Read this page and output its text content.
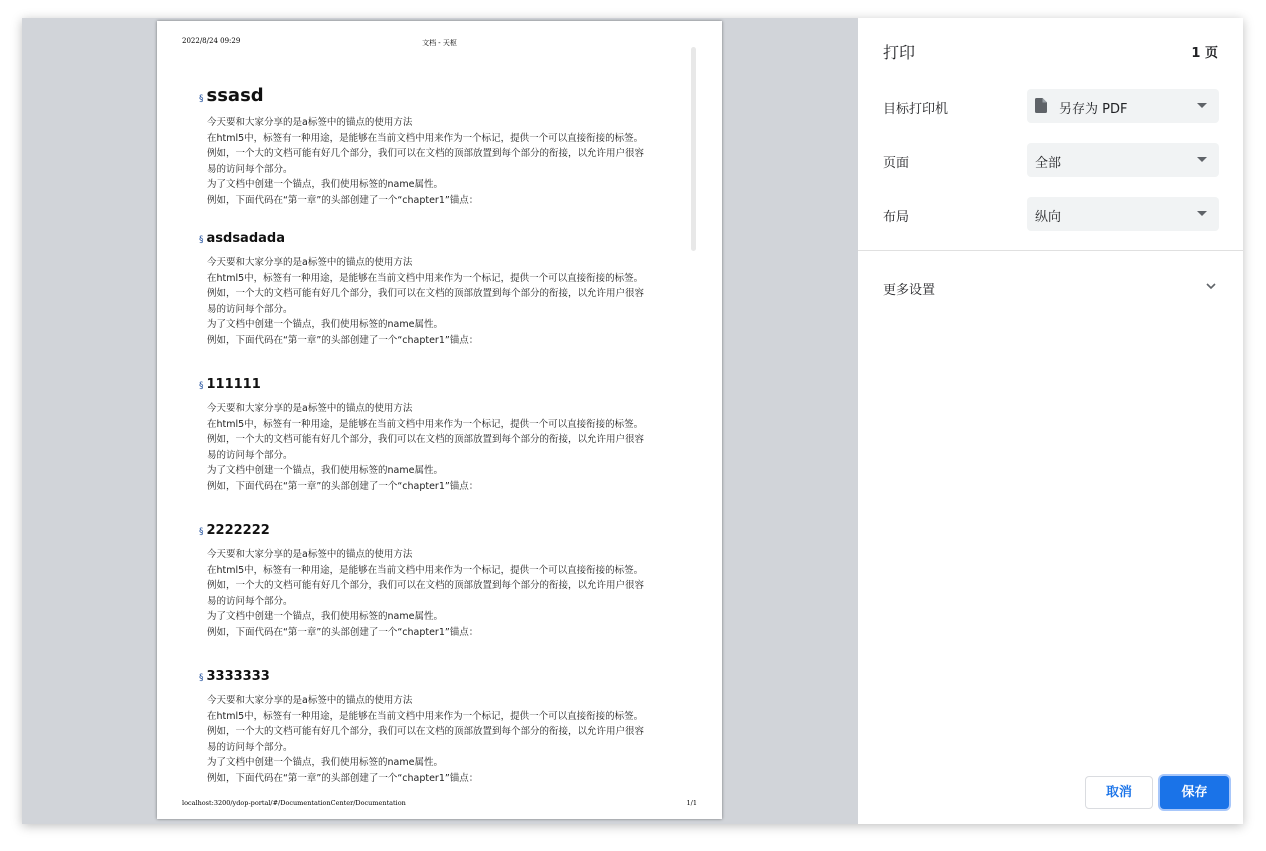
2022/8/24 09:29	文档 - 天枢
§ ssasd
今天要和大家分享的是a标签中的锚点的使用方法
在html5中，标签有一种用途，是能够在当前文档中用来作为一个标记，提供一个可以直接衔接的标签。
例如，一个大的文档可能有好几个部分，我们可以在文档的顶部放置到每个部分的衔接，以允许用户很容
易的访问每个部分。
为了文档中创建一个锚点，我们使用标签的name属性。
例如，下面代码在“第一章”的头部创建了一个“chapter1”锚点：
§ asdsadada
今天要和大家分享的是a标签中的锚点的使用方法
在html5中，标签有一种用途，是能够在当前文档中用来作为一个标记，提供一个可以直接衔接的标签。
例如，一个大的文档可能有好几个部分，我们可以在文档的顶部放置到每个部分的衔接，以允许用户很容
易的访问每个部分。
为了文档中创建一个锚点，我们使用标签的name属性。
例如，下面代码在“第一章”的头部创建了一个“chapter1”锚点：
§ 111111
今天要和大家分享的是a标签中的锚点的使用方法
在html5中，标签有一种用途，是能够在当前文档中用来作为一个标记，提供一个可以直接衔接的标签。
例如，一个大的文档可能有好几个部分，我们可以在文档的顶部放置到每个部分的衔接，以允许用户很容
易的访问每个部分。
为了文档中创建一个锚点，我们使用标签的name属性。
例如，下面代码在“第一章”的头部创建了一个“chapter1”锚点：
§ 2222222
今天要和大家分享的是a标签中的锚点的使用方法
在html5中，标签有一种用途，是能够在当前文档中用来作为一个标记，提供一个可以直接衔接的标签。
例如，一个大的文档可能有好几个部分，我们可以在文档的顶部放置到每个部分的衔接，以允许用户很容
易的访问每个部分。
为了文档中创建一个锚点，我们使用标签的name属性。
例如，下面代码在“第一章”的头部创建了一个“chapter1”锚点：
§ 3333333
今天要和大家分享的是a标签中的锚点的使用方法
在html5中，标签有一种用途，是能够在当前文档中用来作为一个标记，提供一个可以直接衔接的标签。
例如，一个大的文档可能有好几个部分，我们可以在文档的顶部放置到每个部分的衔接，以允许用户很容
易的访问每个部分。
为了文档中创建一个锚点，我们使用标签的name属性。
例如，下面代码在“第一章”的头部创建了一个“chapter1”锚点：
localhost:3200/ydop-portal/#/DocumentationCenter/Documentation	1/1
打印	1 页
目标打印机	另存为 PDF
页面	全部
布局	纵向
更多设置
取消	保存
